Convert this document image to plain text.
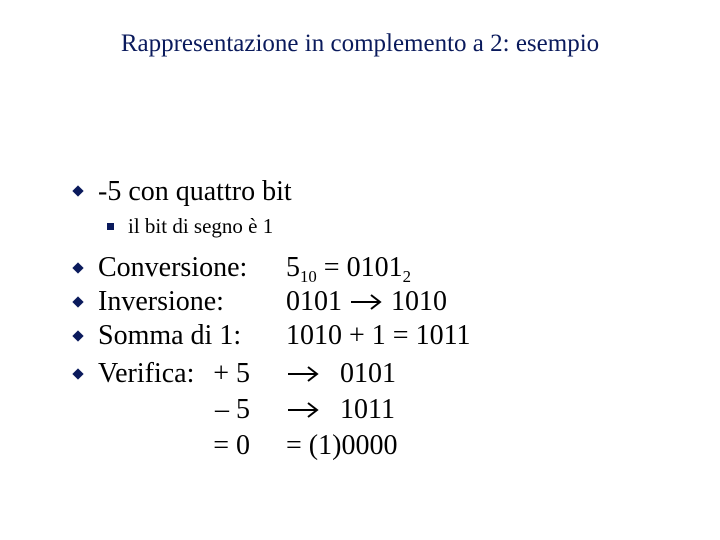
Rappresentazione in complemento a 2: esempio
-5 con quattro bit
il bit di segno è 1
Conversione: $5_{10} = 0101_2$
Inversione: 0101 1010
Somma di 1: 1010 + 1 = 1011
Verifica: + 5	0101
– 5	1011
= 0 = (1)0000
